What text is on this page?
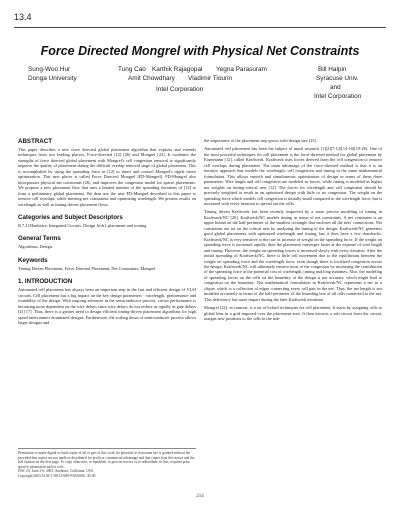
13.4
Force Directed Mongrel with Physical Net Constraints
Sung-Woo Hur
Donga University
Tung Cao Karthik Rajagopal Yegna Parasuram
Amit Chowdhary Vladimir Tiourin
Intel Corporation
Bill Halpin
Syracuse Univ.
and
Intel Corporation
ABSTRACT

This paper describes a new force directed global placement algorithm that exploits and extends techniques from two leading placers, Force-directed [12] [26] and Mongrel [22]. It combines the strengths of force directed global placement with Mongrel's cell congestion removal to significantly improve the quality of placement during the difficult overlap removal stage of global placement. This is accomplished by using the spreading force in [12] to direct and control Mongrel's ripple move optimization. This new placer is called Force Directed Mongrel (FD-Mongrel). FD-Mongrel also incorporates physical net constraints [26], and improves the congestion model for sparse placements. We propose a new placement flow that uses a limited number of the spreading iterations of [12] to form a preliminary global placement. We then use the new FD-Mongrel described in this paper to remove cell overlaps, while meeting net constraints and optimizing wirelength. We present results on wirelength as well as timing driven placement flows.

Categories and Subject Descriptors

B.7.2 [Hardware, Integrated Circuits, Design Aids]: placement and routing

General Terms

Algorithms, Design.

Keywords

Timing Driven Placement, Force Directed Placement, Net Constraints, Mongrel

1. INTRODUCTION

Automated cell placement has always been an important step in the fast and efficient design of VLSI circuits. Cell placement has a big impact on the key design parameters - wirelength, performance and routability of the design. With ongoing advances in the semiconductor process, circuit performance is becoming more dependent on the wire delays since wire delays do not reduce as rapidly as gate delays [4] [17]. Thus, there is a greater need to design efficient timing-driven placement algorithms for high speed interconnect dominated designs. Furthermore, the scaling down of semiconductor process allows larger designs and

Permission to make digital or hard copies of all or part of this work for personal or classroom use is granted without fee provided that copies are not made or distributed for profit or commercial advantage and that copies bear this notice and the full citation on the first page. To copy otherwise, or republish, to post on servers or to redistribute to lists, requires prior specific permission and/or a fee.
DAC 03, June 2-6, 2003, Anaheim, California, USA
Copyright 2003 ACM 1-58113-688-9/03/0006...$5.00

the importance of the placement step grows with design size [25].

Automated cell placement has been the subject of much research [1][2][7-12][14-16][19-26]. One of the most powerful techniques for cell placement is the force-directed method for global placement by Eisenmann [12], called Kraftwerk. Kraftwerk uses forces derived from the cell congestion to remove cell overlaps during placement. The main advantage of the force-directed method is that it is an iterative approach that models the wirelength, cell congestion and timing in the same mathematical formulation. This allows smooth and simultaneous optimization of design in terms of these three parameters. Wire length and cell congestion are modeled as forces, while timing is modeled as higher net weights on timing-critical nets [12]. The forces for wirelength and cell congestion should be precisely weighted to result in an optimized design with little or no congestion. The weight on the spreading force which models cell congestion is initially small compared to the wirelength force, but is increased with every iteration to spread out the cells.

Timing driven Kraftwerk has been recently improved by a more precise modeling of timing in Kraftwerk/NC [26]. Kraftwerk/NC models timing in terms of net constraints. A net constraint is an upper bound on the half-perimeter of the smallest rectangle that encloses all the nets' connections. Net constraints are set on the critical nets by analyzing the timing of the design. Kraftwerk/NC generates good global placements with optimized wirelength and timing, but it does have a few drawbacks. Kraftwerk/NC is very sensitive to the rate of increase of weight on the spreading force. If the weight on spreading force is increased rapidly, then the placement converges faster at the expense of wire length and timing. However, the weight on spreading forces is increased slowly with every iteration. After the initial spreading of Kraftwerk/NC, there is little cell movement due to the equilibrium between the weight on spreading force and the wirelength force, even though there is localized congestion across the design. Kraftwerk/NC will ultimately remove most of the congestion by increasing the contribution of the spreading force at the potential cost of wirelength, timing and long runtimes. Also, the modeling of spreading forces on the cells on the boundary of the design is not accurate, which might lead to congestion on the boundary. The mathematical formulation in Kraftwerk/NC represents a net as a clique, which is a collection of edges connecting every cell pair in the net. Thus, the net length is not modeled accurately in terms of the half-perimeter of the bounding box of all cells connected to the net. This deficiency has more impact during the later Kraftwerk iterations.

Mongrel [22], in contrast, is a set of hybrid techniques for cell placement. It starts by assigning cells to global bins in a grid imposed over the placement area. It then extracts a sub-circuit from the circuit, assigns new positions to the cells in the sub-

214
